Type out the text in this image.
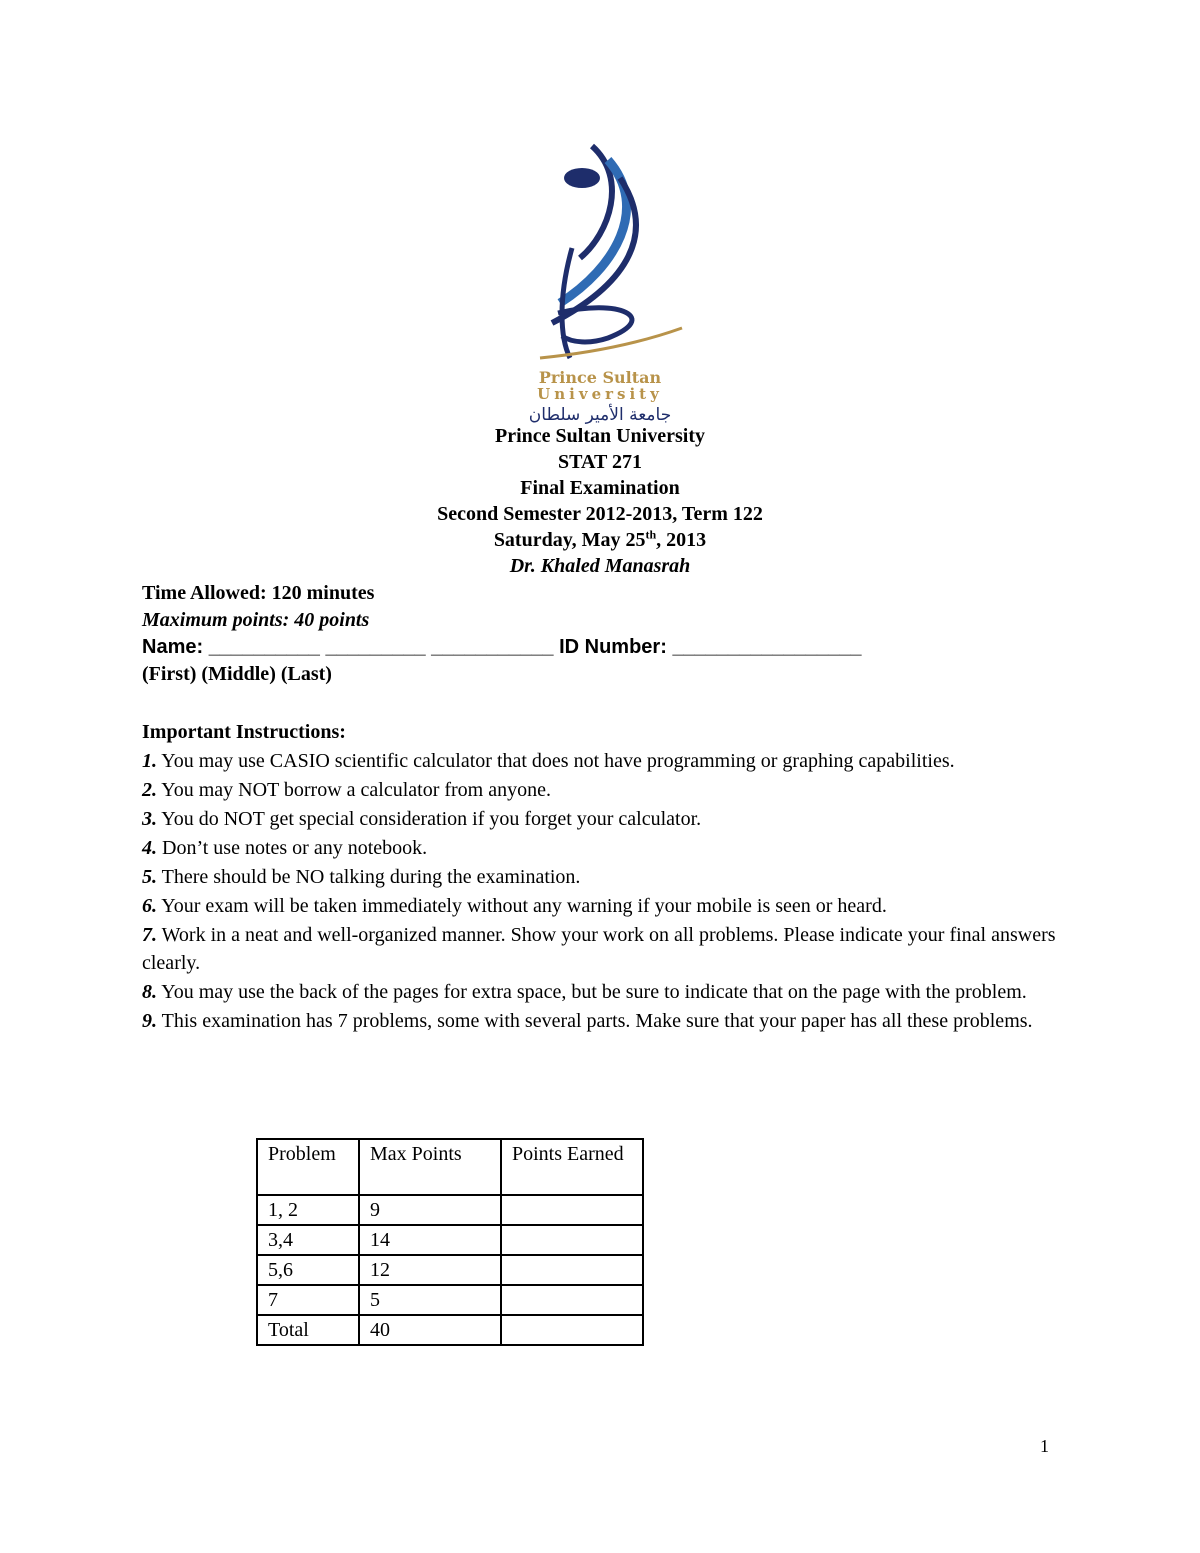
Prince Sultan
University
جامعة الأمير سلطان
Prince Sultan University
STAT 271
Final Examination
Second Semester 2012-2013, Term 122
Saturday, May 25th, 2013
Dr. Khaled Manasrah
Time Allowed: 120 minutes
Maximum points: 40 points
Name: __________ _________ ___________ ID Number: _________________
(First) (Middle) (Last)
Important Instructions:
1. You may use CASIO scientific calculator that does not have programming or graphing capabilities.
2. You may NOT borrow a calculator from anyone.
3. You do NOT get special consideration if you forget your calculator.
4. Don’t use notes or any notebook.
5. There should be NO talking during the examination.
6. Your exam will be taken immediately without any warning if your mobile is seen or heard.
7. Work in a neat and well-organized manner. Show your work on all problems. Please indicate your final answers clearly.
8. You may use the back of the pages for extra space, but be sure to indicate that on the page with the problem.
9. This examination has 7 problems, some with several parts. Make sure that your paper has all these problems.
Problem	Max Points	Points Earned
1, 2	9	
3,4	14	
5,6	12	
7	5	
Total	40	
1
